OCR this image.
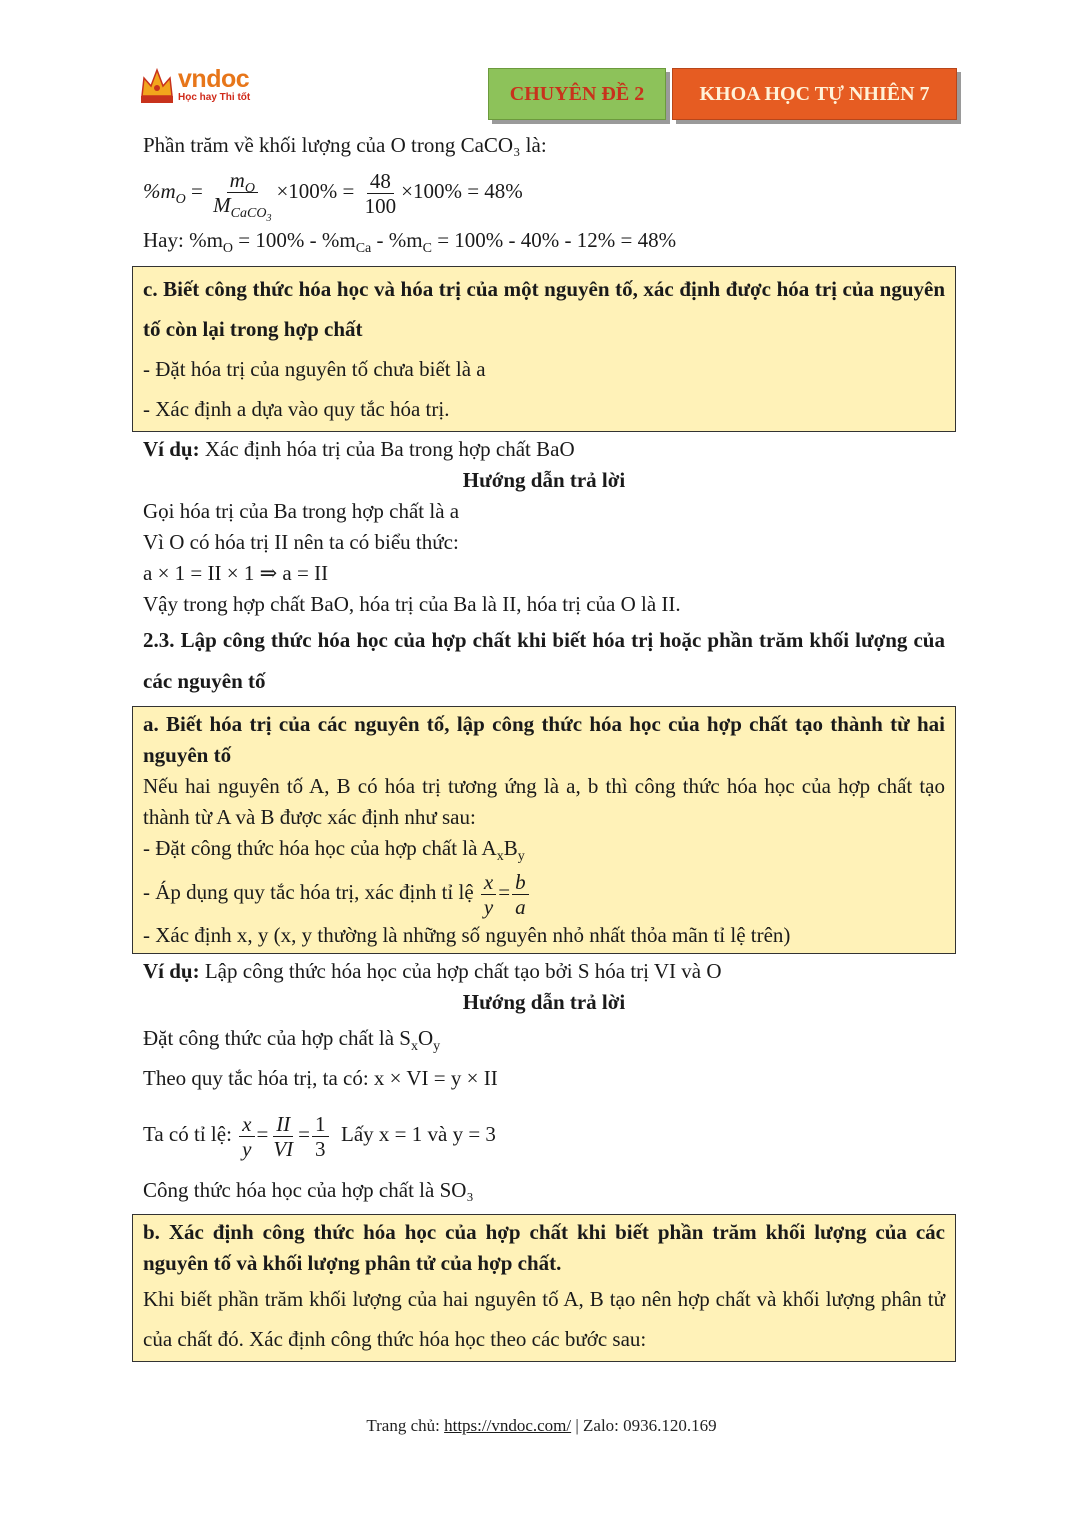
vndoc
Học hay Thi tốt	CHUYÊN ĐỀ 2	KHOA HỌC TỰ NHIÊN 7

Phần trăm về khối lượng của O trong CaCO₃ là:

$\%m_O = \frac{m_O}{M_{CaCO_3}} \times 100\% = \frac{48}{100} \times 100\% = 48\%$

Hay: $\%m_O = 100\% - \%m_{Ca} - \%m_C = 100\% - 40\% - 12\% = 48\%$

c. Biết công thức hóa học và hóa trị của một nguyên tố, xác định được hóa trị của nguyên tố còn lại trong hợp chất

- Đặt hóa trị của nguyên tố chưa biết là a

- Xác định a dựa vào quy tắc hóa trị.

Ví dụ: Xác định hóa trị của Ba trong hợp chất BaO

Hướng dẫn trả lời

Gọi hóa trị của Ba trong hợp chất là a

Vì O có hóa trị II nên ta có biểu thức:

a × 1 = II × 1 ⇒ a = II

Vậy trong hợp chất BaO, hóa trị của Ba là II, hóa trị của O là II.

2.3. Lập công thức hóa học của hợp chất khi biết hóa trị hoặc phần trăm khối lượng của các nguyên tố

a. Biết hóa trị của các nguyên tố, lập công thức hóa học của hợp chất tạo thành từ hai nguyên tố

Nếu hai nguyên tố A, B có hóa trị tương ứng là a, b thì công thức hóa học của hợp chất tạo thành từ A và B được xác định như sau:

- Đặt công thức hóa học của hợp chất là $A_xB_y$

- Áp dụng quy tắc hóa trị, xác định tỉ lệ $\frac{x}{y} = \frac{b}{a}$

- Xác định x, y (x, y thường là những số nguyên nhỏ nhất thỏa mãn tỉ lệ trên)

Ví dụ: Lập công thức hóa học của hợp chất tạo bởi S hóa trị VI và O

Hướng dẫn trả lời

Đặt công thức của hợp chất là $S_xO_y$

Theo quy tắc hóa trị, ta có: x × VI = y × II

Ta có tỉ lệ: $\frac{x}{y} = \frac{II}{VI} = \frac{1}{3}$ Lấy x = 1 và y = 3

Công thức hóa học của hợp chất là SO₃

b. Xác định công thức hóa học của hợp chất khi biết phần trăm khối lượng của các nguyên tố và khối lượng phân tử của hợp chất.

Khi biết phần trăm khối lượng của hai nguyên tố A, B tạo nên hợp chất và khối lượng phân tử của chất đó. Xác định công thức hóa học theo các bước sau:

Trang chủ: https://vndoc.com/ | Zalo: 0936.120.169
